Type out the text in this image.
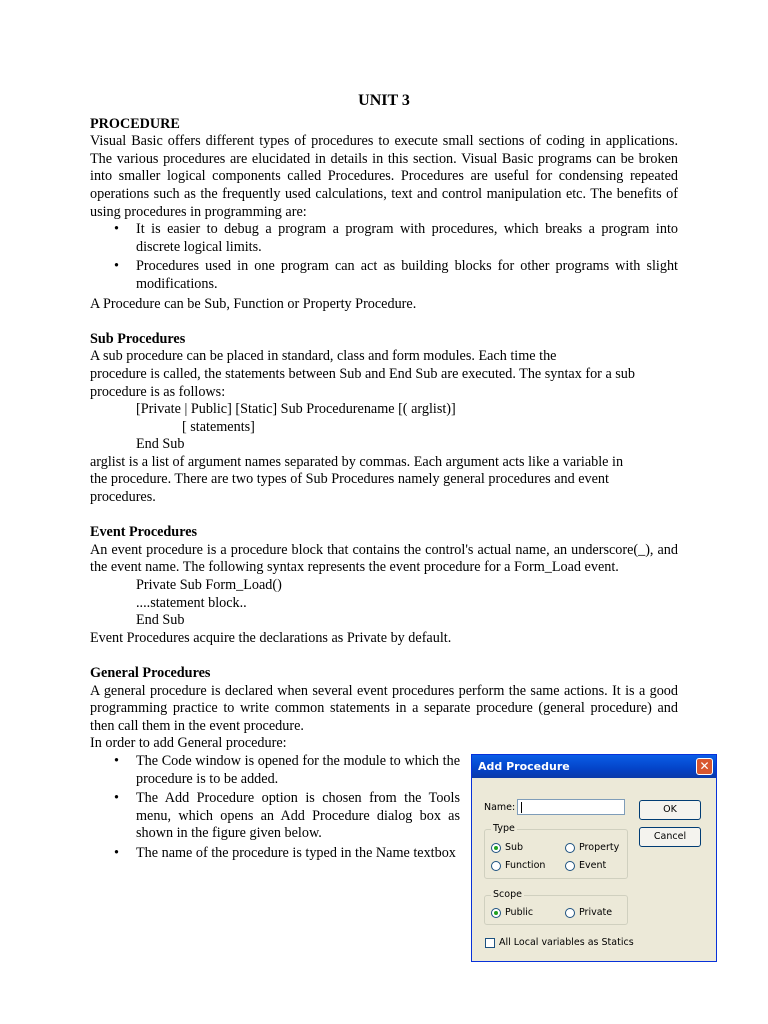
UNIT 3
PROCEDURE

Visual Basic offers different types of procedures to execute small sections of coding in applications. The various procedures are elucidated in details in this section. Visual Basic programs can be broken into smaller logical components called Procedures. Procedures are useful for condensing repeated operations such as the frequently used calculations, text and control manipulation etc. The benefits of using procedures in programming are:

• It is easier to debug a program a program with procedures, which breaks a program into discrete logical limits.
• Procedures used in one program can act as building blocks for other programs with slight modifications.

A Procedure can be Sub, Function or Property Procedure.

Sub Procedures

A sub procedure can be placed in standard, class and form modules. Each time the

procedure is called, the statements between Sub and End Sub are executed. The syntax for a sub

procedure is as follows:

[Private | Public] [Static] Sub Procedurename [( arglist)]

[ statements]

End Sub

arglist is a list of argument names separated by commas. Each argument acts like a variable in

the procedure. There are two types of Sub Procedures namely general procedures and event

procedures.

Event Procedures

An event procedure is a procedure block that contains the control's actual name, an underscore(_), and the event name. The following syntax represents the event procedure for a Form_Load event.

Private Sub Form_Load()

....statement block..

End Sub

Event Procedures acquire the declarations as Private by default.

General Procedures

A general procedure is declared when several event procedures perform the same actions. It is a good programming practice to write common statements in a separate procedure (general procedure) and then call them in the event procedure.

In order to add General procedure:

• The Code window is opened for the module to which the procedure is to be added.
• The Add Procedure option is chosen from the Tools menu, which opens an Add Procedure dialog box as shown in the figure given below.
• The name of the procedure is typed in the Name textbox
Add Procedure	✕
Name:	OK
Cancel
Type
Sub	Property
Function	Event
Scope
Public	Private
All Local variables as Statics
